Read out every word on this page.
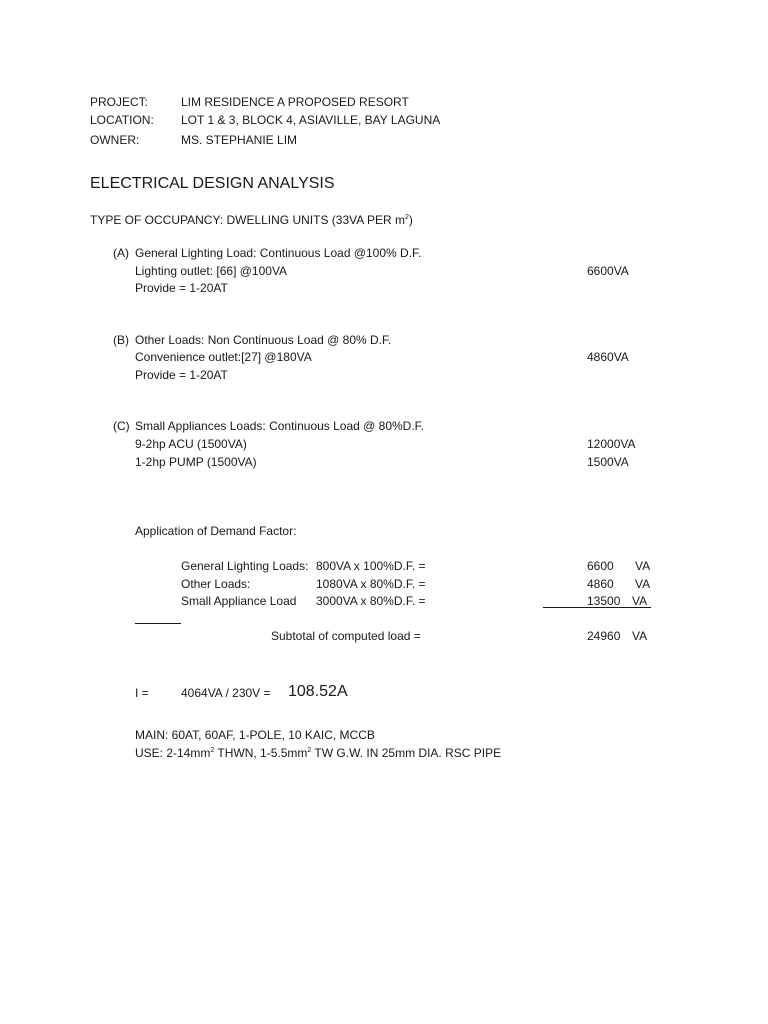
PROJECT:	LIM RESIDENCE A PROPOSED RESORT
LOCATION: LOT 1 & 3, BLOCK 4, ASIAVILLE, BAY LAGUNA
OWNER:	MS. STEPHANIE LIM
ELECTRICAL DESIGN ANALYSIS
TYPE OF OCCUPANCY: DWELLING UNITS (33VA PER $m^2$)
(A) General Lighting Load: Continuous Load @100% D.F.
Lighting outlet: [66] @100VA	6600VA
Provide = 1-20AT
(B) Other Loads: Non Continuous Load @ 80% D.F.
Convenience outlet:[27] @180VA	4860VA
Provide = 1-20AT
(C) Small Appliances Loads: Continuous Load @ 80%D.F.
9-2hp ACU (1500VA)	12000VA
1-2hp PUMP (1500VA)	1500VA
Application of Demand Factor:
General Lighting Loads: 800VA x 100%D.F. =	6600 VA
Other Loads:	1080VA x 80%D.F. =	4860 VA
Small Appliance Load 3000VA x 80%D.F. =	13500 VA
Subtotal of computed load =	24960 VA
I =	4064VA / 230V = 108.52A
MAIN: 60AT, 60AF, 1-POLE, 10 KAIC, MCCB
USE: $2-14mm^2$ THWN, $1-5.5mm^2$ TW G.W. IN 25mm DIA. RSC PIPE
